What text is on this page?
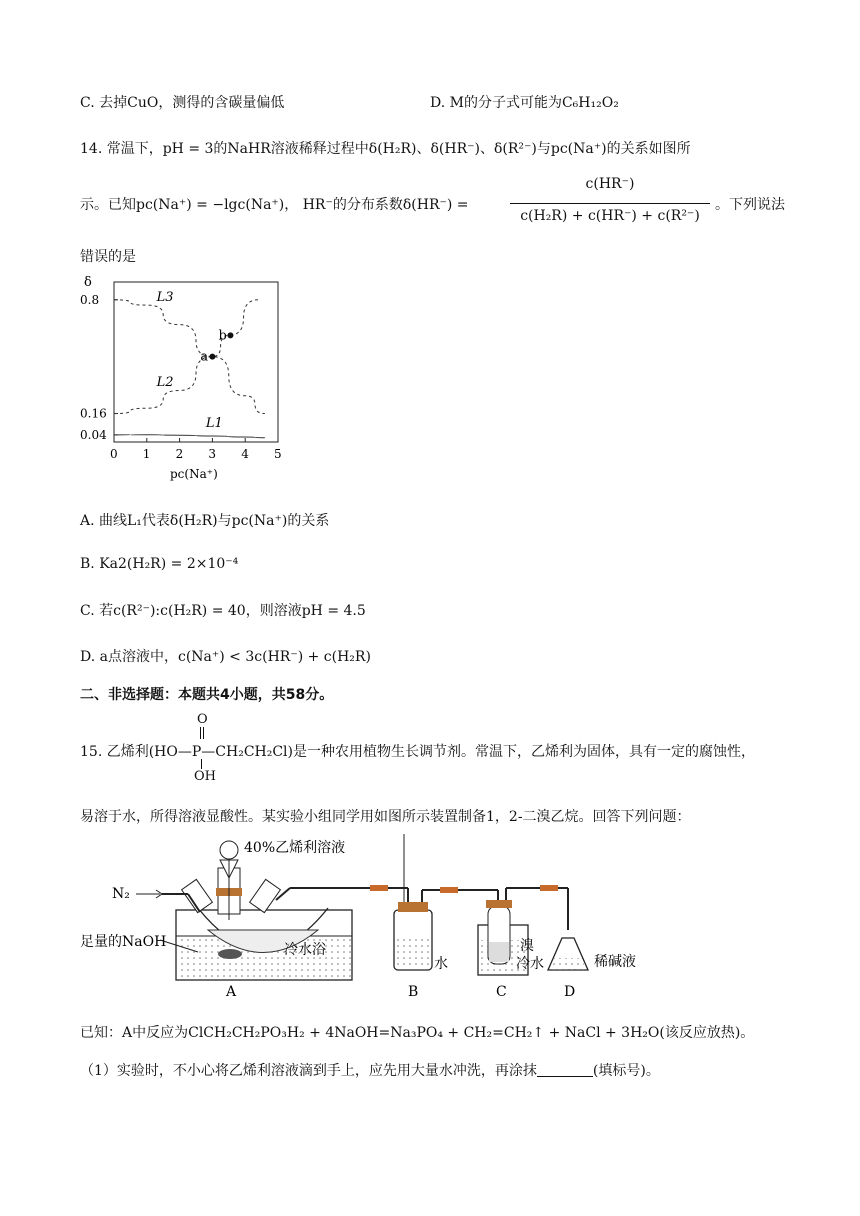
C. 去掉CuO，测得的含碳量偏低	D. M的分子式可能为C₆H₁₂O₂
14. 常温下，pH = 3的NaHR溶液稀释过程中δ(H₂R)、δ(HR⁻)、δ(R²⁻)与pc(Na⁺)的关系如图所
示。已知pc(Na⁺) = −lgc(Na⁺)， HR⁻的分布系数δ(HR⁻) =
c(HR⁻)
c(H₂R) + c(HR⁻) + c(R²⁻)
。下列说法
错误的是
0 1 2 3 4 5
0.8
0.16
0.04
δ
pc(Na⁺)
L3
L2
L1
a
b
A. 曲线L₁代表δ(H₂R)与pc(Na⁺)的关系
B. Ka2(H₂R) = 2×10⁻⁴
C. 若c(R²⁻):c(H₂R) = 40，则溶液pH = 4.5
D. a点溶液中，c(Na⁺) < 3c(HR⁻) + c(H₂R)
二、非选择题：本题共4小题，共58分。
O
15. 乙烯利(HO—P—CH₂CH₂Cl)是一种农用植物生长调节剂。常温下，乙烯利为固体，具有一定的腐蚀性，
OH
易溶于水，所得溶液显酸性。某实验小组同学用如图所示装置制备1，2-二溴乙烷。回答下列问题：
N₂
水
溴
冷水	稀碱液
40%乙烯利溶液
足量的NaOH	冷水浴
A	B	C	D
已知：A中反应为ClCH₂CH₂PO₃H₂ + 4NaOH=Na₃PO₄ + CH₂=CH₂↑ + NaCl + 3H₂O(该反应放热)。
（1）实验时，不小心将乙烯利溶液滴到手上，应先用大量水冲洗，再涂抹	(填标号)。
